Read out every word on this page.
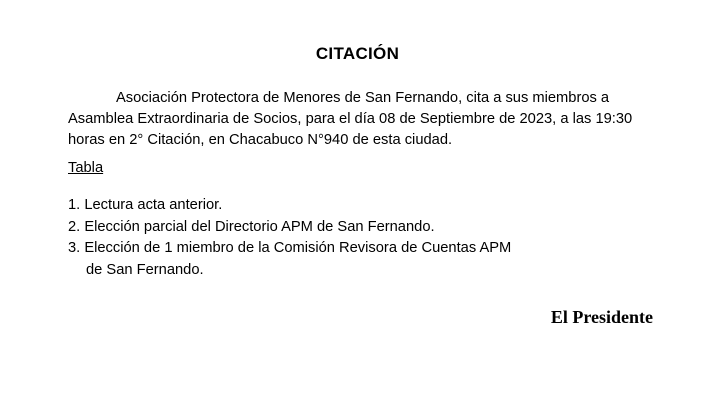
CITACIÓN

Asociación Protectora de Menores de San Fernando, cita a sus miembros a Asamblea Extraordinaria de Socios, para el día 08 de Septiembre de 2023, a las 19:30 horas en 2° Citación, en Chacabuco N°940 de esta ciudad.

Tabla

1. Lectura acta anterior.

2. Elección parcial del Directorio APM de San Fernando.

3. Elección de 1 miembro de la Comisión Revisora de Cuentas APM

de San Fernando.

El Presidente
